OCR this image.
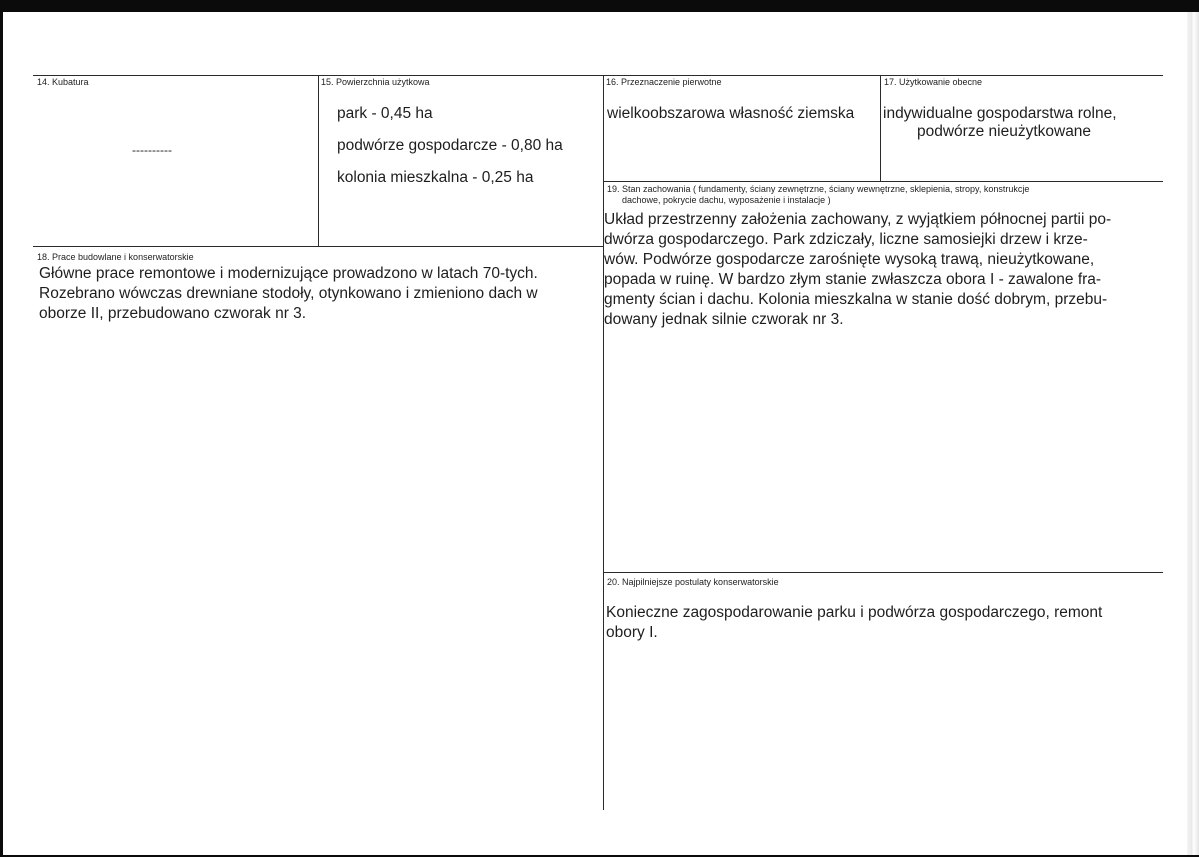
14. Kubatura
----------
15. Powierzchnia użytkowa
park - 0,45 ha
podwórze gospodarcze - 0,80 ha
kolonia mieszkalna - 0,25 ha
16. Przeznaczenie pierwotne
wielkoobszarowa własność ziemska
17. Użytkowanie obecne
indywidualne gospodarstwa rolne,
podwórze nieużytkowane
18. Prace budowlane i konserwatorskie
Główne prace remontowe i modernizujące prowadzono w latach 70-tych.
Rozebrano wówczas drewniane stodoły, otynkowano i zmieniono dach w
oborze II, przebudowano czworak nr 3.
19. Stan zachowania ( fundamenty, ściany zewnętrzne, ściany wewnętrzne, sklepienia, stropy, konstrukcje
dachowe, pokrycie dachu, wyposażenie i instalacje )
Układ przestrzenny założenia zachowany, z wyjątkiem północnej partii po-
dwórza gospodarczego. Park zdziczały, liczne samosiejki drzew i krze-
wów. Podwórze gospodarcze zarośnięte wysoką trawą, nieużytkowane,
popada w ruinę. W bardzo złym stanie zwłaszcza obora I - zawalone fra-
gmenty ścian i dachu. Kolonia mieszkalna w stanie dość dobrym, przebu-
dowany jednak silnie czworak nr 3.
20. Najpilniejsze postulaty konserwatorskie
Konieczne zagospodarowanie parku i podwórza gospodarczego, remont
obory I.
